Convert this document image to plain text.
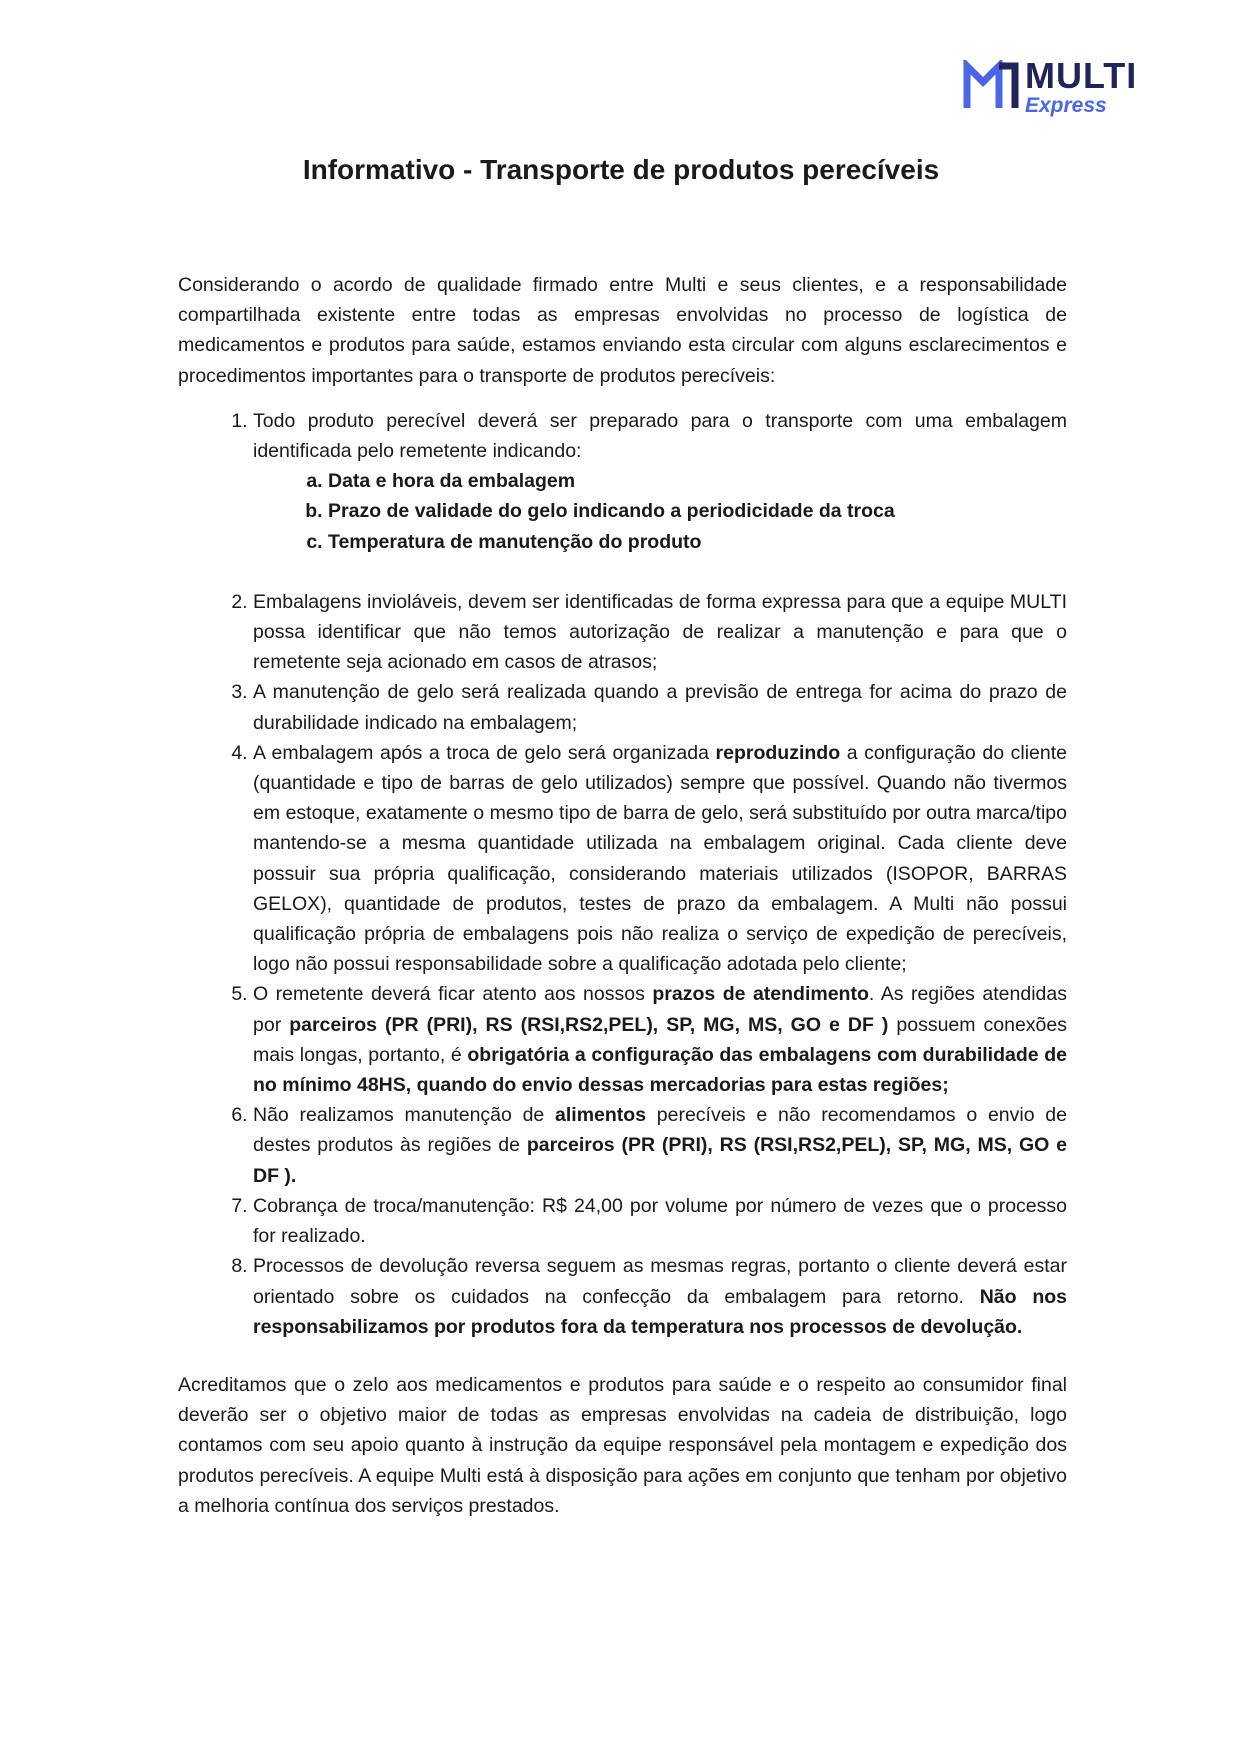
MULTI
Express
Informativo - Transporte de produtos perecíveis

Considerando o acordo de qualidade firmado entre Multi e seus clientes, e a responsabilidade compartilhada existente entre todas as empresas envolvidas no processo de logística de medicamentos e produtos para saúde, estamos enviando esta circular com alguns esclarecimentos e procedimentos importantes para o transporte de produtos perecíveis:

1. Todo produto perecível deverá ser preparado para o transporte com uma embalagem identificada pelo remetente indicando:
a. Data e hora da embalagem
b. Prazo de validade do gelo indicando a periodicidade da troca
c. Temperatura de manutenção do produto
2. Embalagens invioláveis, devem ser identificadas de forma expressa para que a equipe MULTI possa identificar que não temos autorização de realizar a manutenção e para que o remetente seja acionado em casos de atrasos;
3. A manutenção de gelo será realizada quando a previsão de entrega for acima do prazo de durabilidade indicado na embalagem;
4. A embalagem após a troca de gelo será organizada reproduzindo a configuração do cliente (quantidade e tipo de barras de gelo utilizados) sempre que possível. Quando não tivermos em estoque, exatamente o mesmo tipo de barra de gelo, será substituído por outra marca/tipo mantendo-se a mesma quantidade utilizada na embalagem original. Cada cliente deve possuir sua própria qualificação, considerando materiais utilizados (ISOPOR, BARRAS GELOX), quantidade de produtos, testes de prazo da embalagem. A Multi não possui qualificação própria de embalagens pois não realiza o serviço de expedição de perecíveis, logo não possui responsabilidade sobre a qualificação adotada pelo cliente;
5. O remetente deverá ficar atento aos nossos prazos de atendimento. As regiões atendidas por parceiros (PR (PRI), RS (RSI,RS2,PEL), SP, MG, MS, GO e DF ) possuem conexões mais longas, portanto, é obrigatória a configuração das embalagens com durabilidade de no mínimo 48HS, quando do envio dessas mercadorias para estas regiões;
6. Não realizamos manutenção de alimentos perecíveis e não recomendamos o envio de destes produtos às regiões de parceiros (PR (PRI), RS (RSI,RS2,PEL), SP, MG, MS, GO e DF ).
7. Cobrança de troca/manutenção: R$ 24,00 por volume por número de vezes que o processo for realizado.
8. Processos de devolução reversa seguem as mesmas regras, portanto o cliente deverá estar orientado sobre os cuidados na confecção da embalagem para retorno. Não nos responsabilizamos por produtos fora da temperatura nos processos de devolução.

Acreditamos que o zelo aos medicamentos e produtos para saúde e o respeito ao consumidor final deverão ser o objetivo maior de todas as empresas envolvidas na cadeia de distribuição, logo contamos com seu apoio quanto à instrução da equipe responsável pela montagem e expedição dos produtos perecíveis. A equipe Multi está à disposição para ações em conjunto que tenham por objetivo a melhoria contínua dos serviços prestados.
